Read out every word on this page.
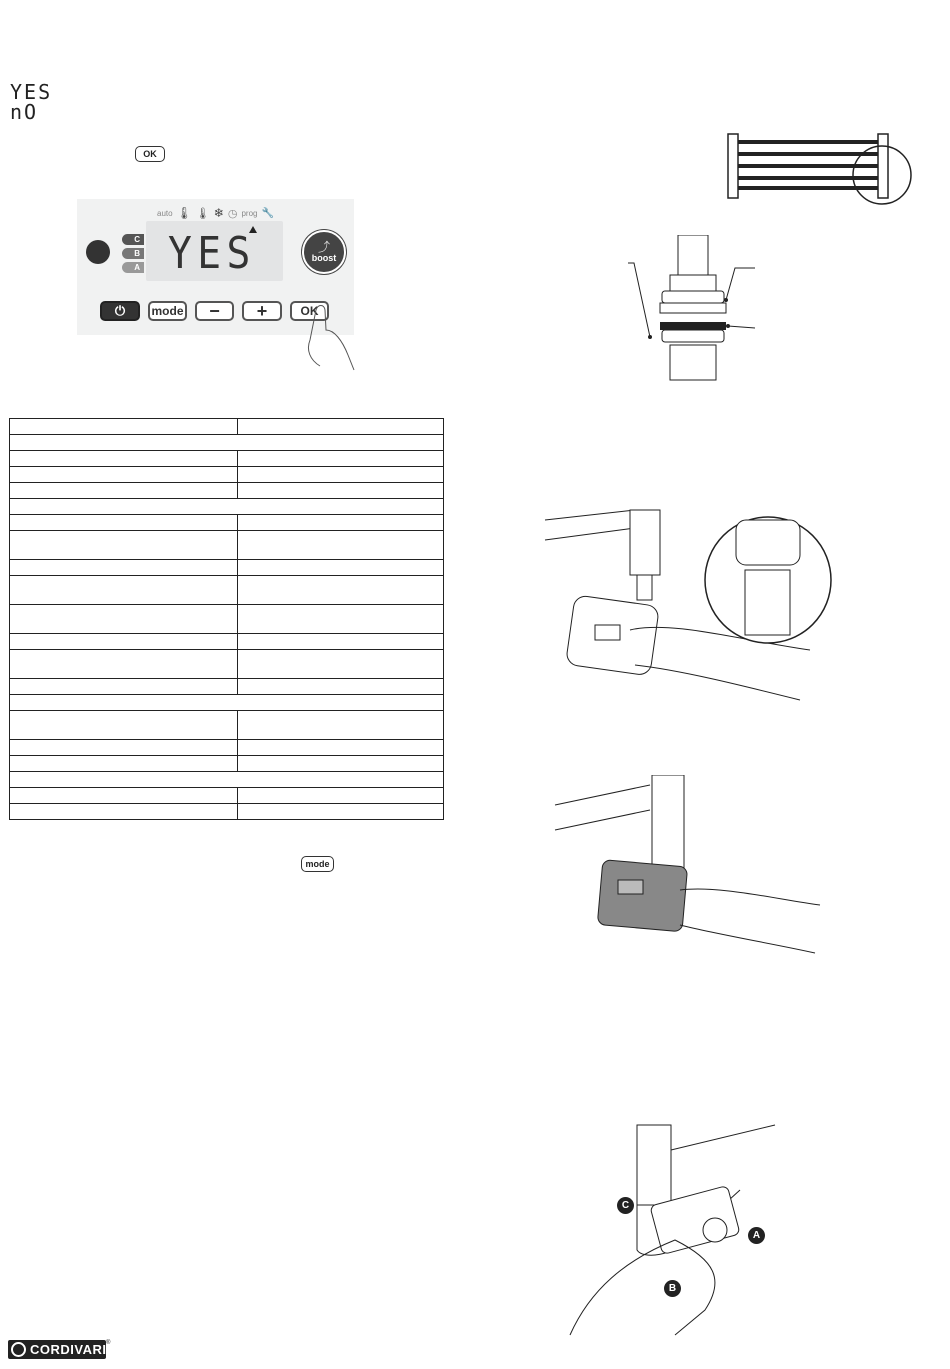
YES
nO
OK
auto 🌡 🌡 ❄ ◷ prog 🔧
C
B
A YES	⤴
boost
⏻ mode	−	+	OK

mode
C
A
B
CORDIVARI ®
